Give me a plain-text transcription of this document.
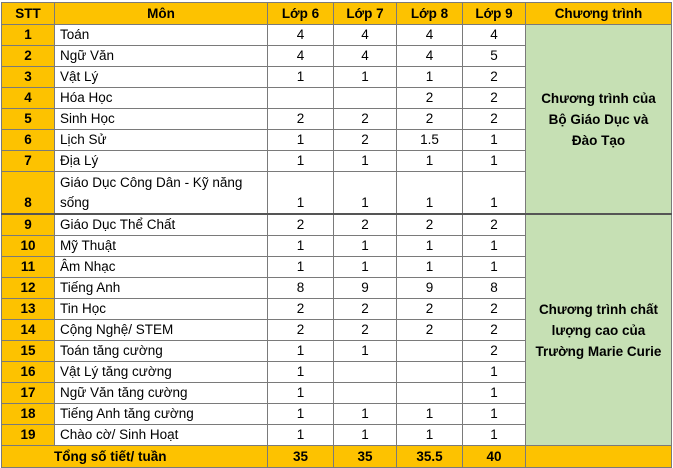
STT	Môn	Lớp 6	Lớp 7	Lớp 8	Lớp 9	Chương trình
1	Toán	4	4	4	4	Chương trình của Bộ Giáo Dục và Đào Tạo
2	Ngữ Văn	4	4	4	5	
3	Vật Lý	1	1	1	2	
4	Hóa Học			2	2	
5	Sinh Học	2	2	2	2	
6	Lịch Sử	1	2	1.5	1	
7	Địa Lý	1	1	1	1	
8	Giáo Dục Công Dân - Kỹ năng sống	1	1	1	1	
9	Giáo Dục Thể Chất	2	2	2	2	Chương trình chất lượng cao của Trường Marie Curie
10	Mỹ Thuật	1	1	1	1	
11	Âm Nhạc	1	1	1	1	
12	Tiếng Anh	8	9	9	8	
13	Tin Học	2	2	2	2	
14	Cộng Nghệ/ STEM	2	2	2	2	
15	Toán tăng cường	1	1		2	
16	Vật Lý tăng cường	1			1	
17	Ngữ Văn tăng cường	1			1	
18	Tiếng Anh tăng cường	1	1	1	1	
19	Chào cờ/ Sinh Hoạt	1	1	1	1	
Tổng số tiết/ tuần		35	35	35.5	40	
